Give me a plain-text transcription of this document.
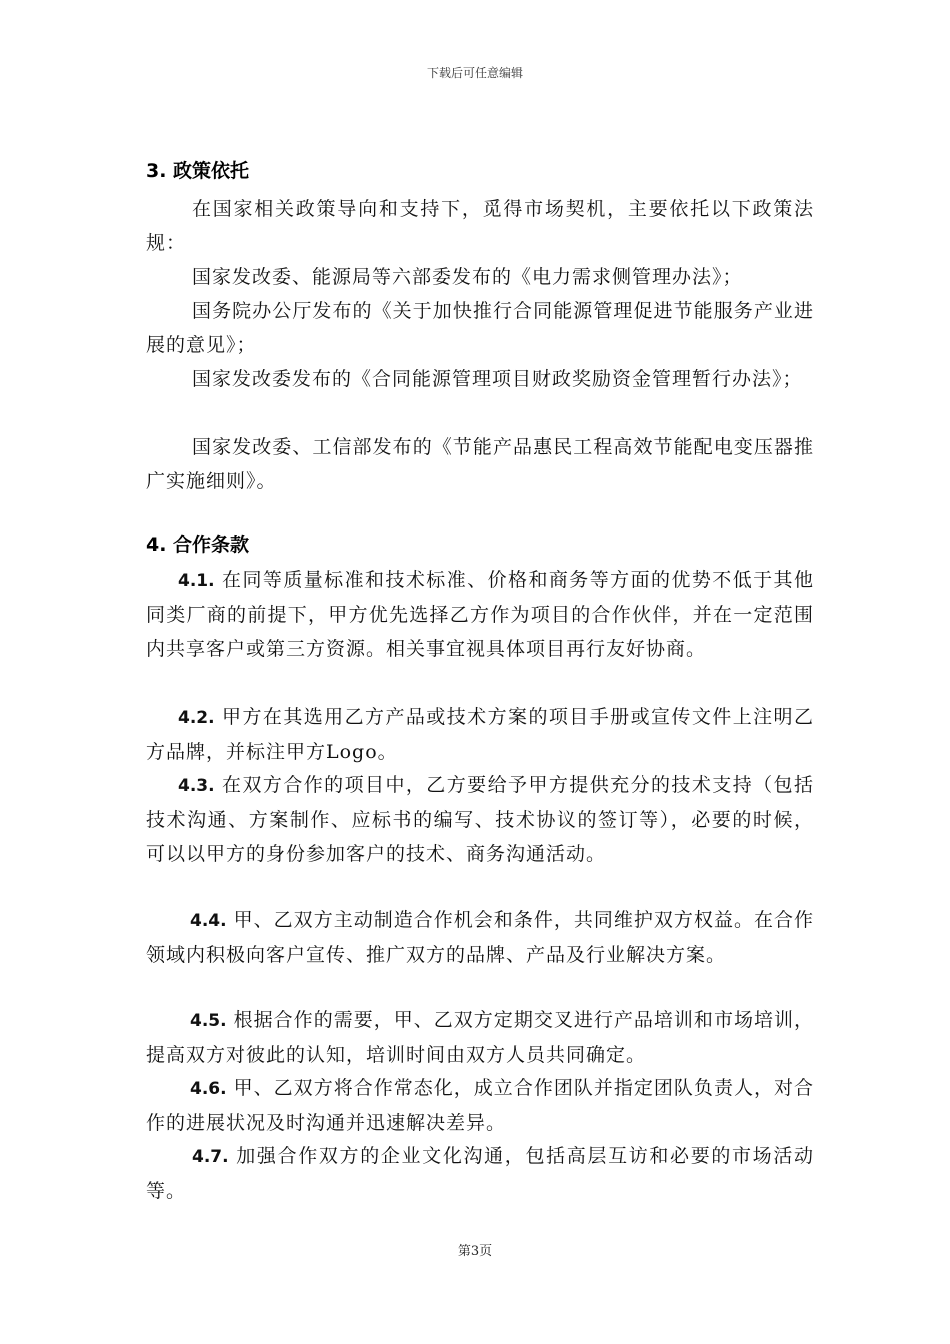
下载后可任意编辑
3. 政策依托
在国家相关政策导向和支持下，觅得市场契机，主要依托以下政策法规：
国家发改委、能源局等六部委发布的《电力需求侧管理办法》；
国务院办公厅发布的《关于加快推行合同能源管理促进节能服务产业进展的意见》；
国家发改委发布的《合同能源管理项目财政奖励资金管理暂行办法》；
国家发改委、工信部发布的《节能产品惠民工程高效节能配电变压器推广实施细则》。
4. 合作条款
4.1. 在同等质量标准和技术标准、价格和商务等方面的优势不低于其他同类厂商的前提下，甲方优先选择乙方作为项目的合作伙伴，并在一定范围内共享客户或第三方资源。相关事宜视具体项目再行友好协商。
4.2. 甲方在其选用乙方产品或技术方案的项目手册或宣传文件上注明乙方品牌，并标注甲方Logo。
4.3. 在双方合作的项目中，乙方要给予甲方提供充分的技术支持（包括技术沟通、方案制作、应标书的编写、技术协议的签订等），必要的时候，可以以甲方的身份参加客户的技术、商务沟通活动。
4.4. 甲、乙双方主动制造合作机会和条件，共同维护双方权益。在合作领域内积极向客户宣传、推广双方的品牌、产品及行业解决方案。
4.5. 根据合作的需要，甲、乙双方定期交叉进行产品培训和市场培训，提高双方对彼此的认知，培训时间由双方人员共同确定。
4.6. 甲、乙双方将合作常态化，成立合作团队并指定团队负责人，对合作的进展状况及时沟通并迅速解决差异。
4.7. 加强合作双方的企业文化沟通，包括高层互访和必要的市场活动等。
第3页
